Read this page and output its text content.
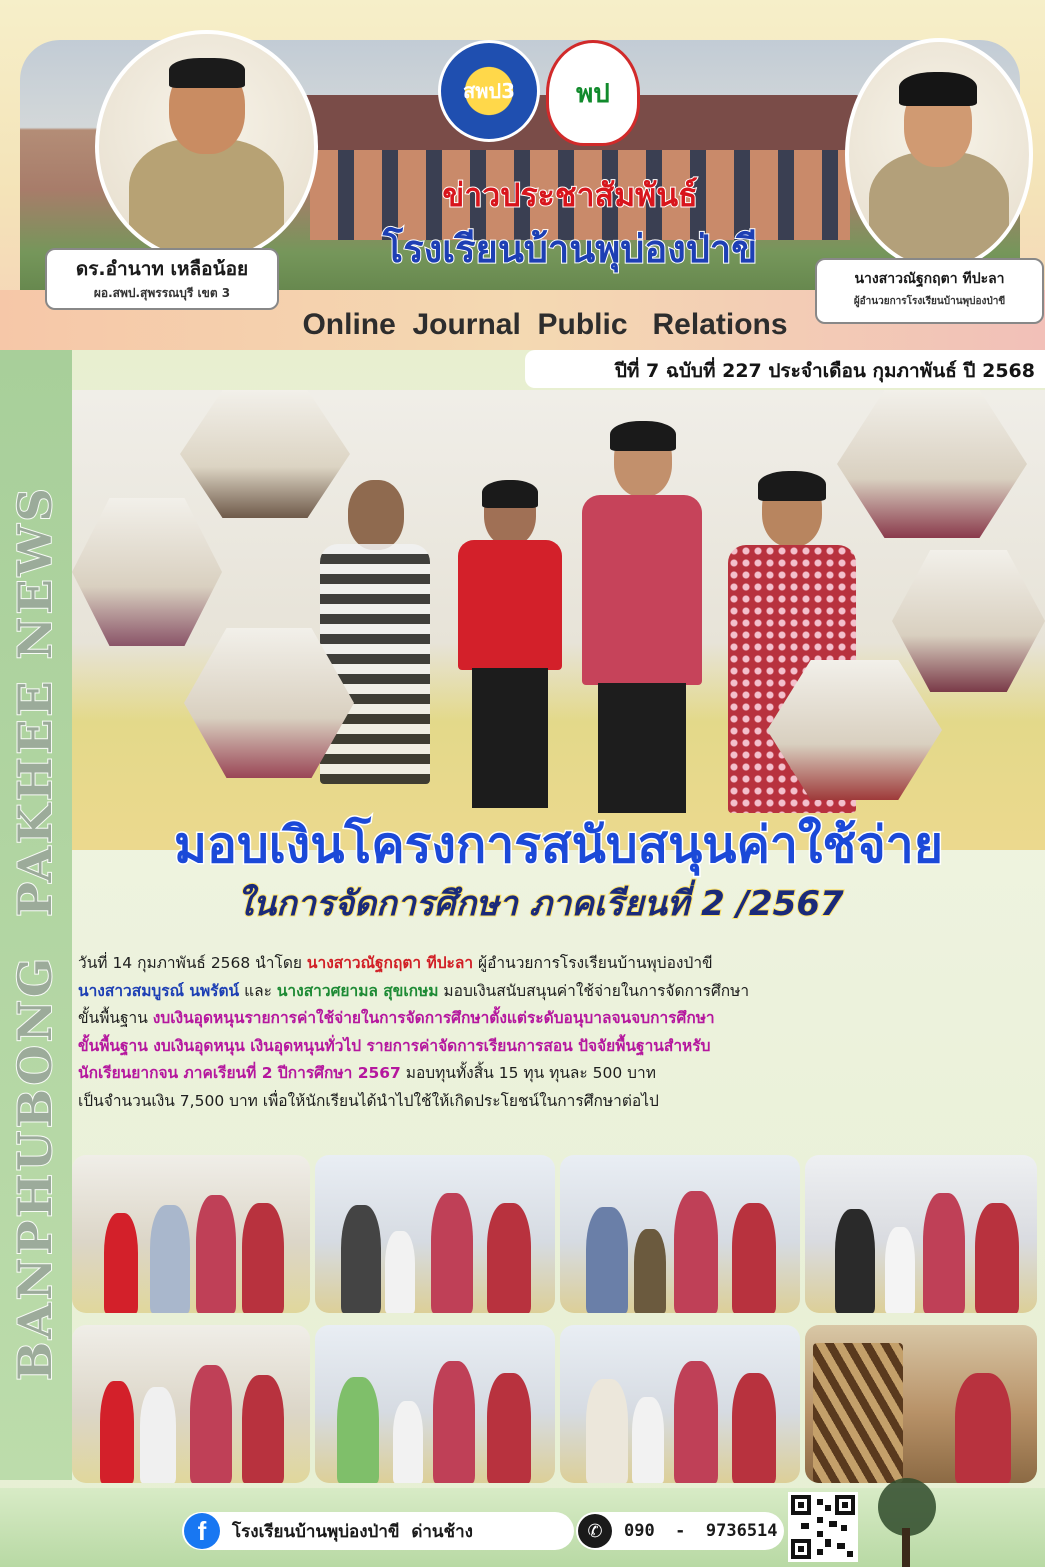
สพป3 พป
ดร.อำนาท เหลือน้อย
ผอ.สพป.สุพรรณบุรี เขต 3
นางสาวณัฐกฤตา ทีปะลา
ผู้อำนวยการโรงเรียนบ้านพุบ่องป่าขี
ข่าวประชาสัมพันธ์
โรงเรียนบ้านพุบ่องป่าขี
Online  Journal  Public   Relations
ปีที่ 7 ฉบับที่ 227 ประจำเดือน กุมภาพันธ์ ปี 2568
BANPHUBONG  PAKHEE NEWS	มอบเงินโครงการสนับสนุนค่าใช้จ่าย
ในการจัดการศึกษา ภาคเรียนที่ 2 /2567
วันที่ 14 กุมภาพันธ์ 2568 นำโดย นางสาวณัฐกฤตา ทีปะลา ผู้อำนวยการโรงเรียนบ้านพุบ่องป่าขี
นางสาวสมบูรณ์ นพรัตน์ และ นางสาวศยามล สุขเกษม มอบเงินสนับสนุนค่าใช้จ่ายในการจัดการศึกษา
ขั้นพื้นฐาน งบเงินอุดหนุนรายการค่าใช้จ่ายในการจัดการศึกษาตั้งแต่ระดับอนุบาลจนจบการศึกษา
ขั้นพื้นฐาน งบเงินอุดหนุน เงินอุดหนุนทั่วไป รายการค่าจัดการเรียนการสอน ปัจจัยพื้นฐานสำหรับ
นักเรียนยากจน ภาคเรียนที่ 2 ปีการศึกษา 2567 มอบทุนทั้งสิ้น 15 ทุน ทุนละ 500 บาท
เป็นจำนวนเงิน 7,500 บาท เพื่อให้นักเรียนได้นำไปใช้ให้เกิดประโยชน์ในการศึกษาต่อไป
f	โรงเรียนบ้านพุบ่องป่าขี  ด่านช้าง	✆	090  -  9736514
